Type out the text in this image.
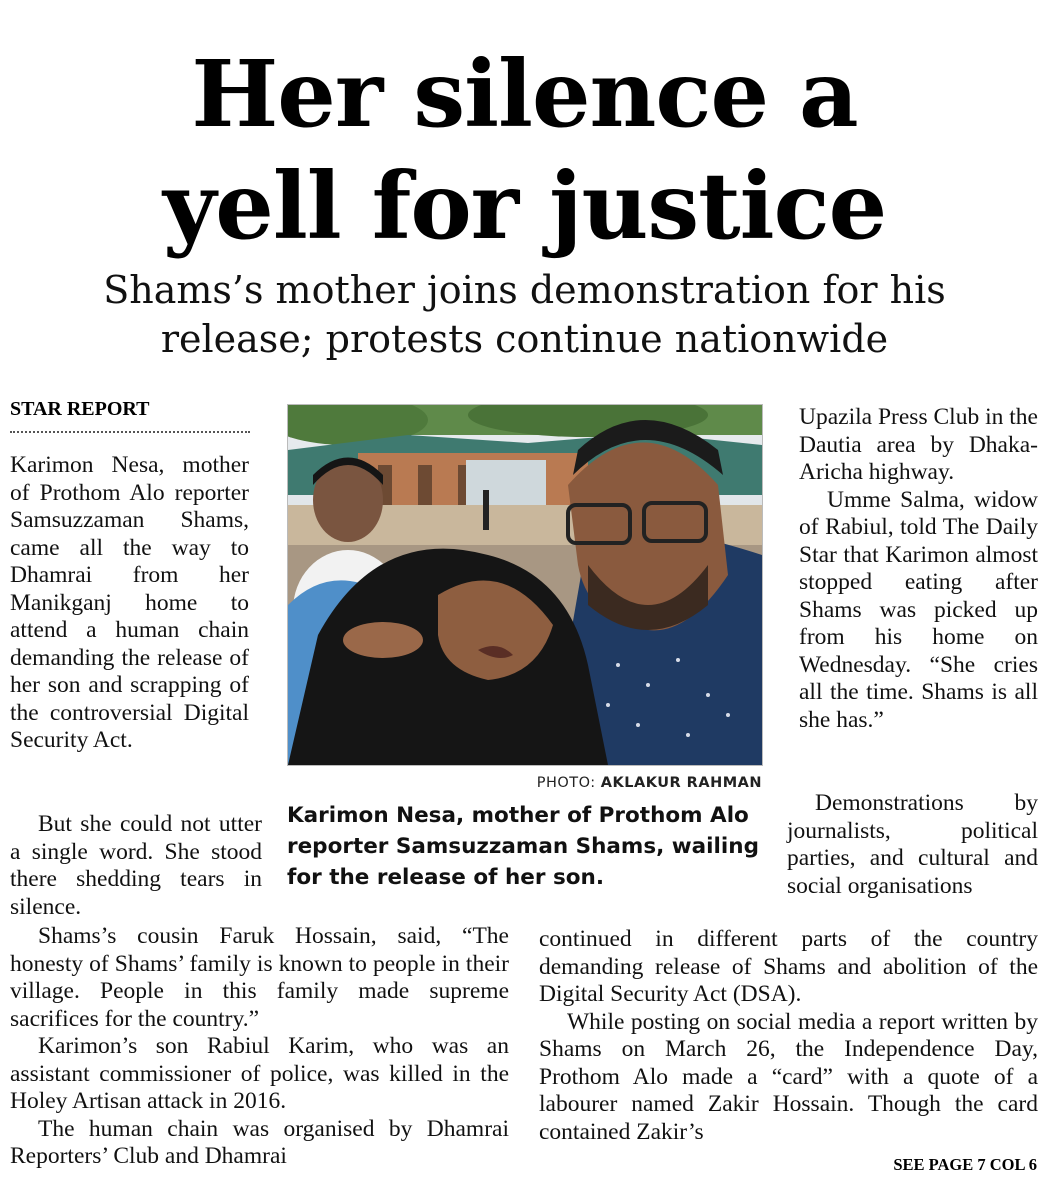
Her silence a
yell for justice
Shams’s mother joins demonstration for his
release; protests continue nationwide
STAR REPORT

Karimon Nesa, mother of Prothom Alo reporter Samsuzzaman Shams, came all the way to Dhamrai from her Manikganj home to attend a human chain demanding the release of her son and scrapping of the controversial Digital Security Act.

But she could not utter a single word. She stood there shedding tears in silence.

PHOTO: AKLAKUR RAHMAN
Karimon Nesa, mother of Prothom Alo reporter Samsuzzaman Shams, wailing for the release of her son.

Upazila Press Club in the Dautia area by Dhaka-Aricha highway.

Umme Salma, widow of Rabiul, told The Daily Star that Karimon almost stopped eating after Shams was picked up from his home on Wednesday. “She cries all the time. Shams is all she has.”

Demonstrations by journalists, political parties, and cultural and social organisations

Shams’s cousin Faruk Hossain, said, “The honesty of Shams’ family is known to people in their village. People in this family made supreme sacrifices for the country.”

Karimon’s son Rabiul Karim, who was an assistant commissioner of police, was killed in the Holey Artisan attack in 2016.

The human chain was organised by Dhamrai Reporters’ Club and Dhamrai

continued in different parts of the country demanding release of Shams and abolition of the Digital Security Act (DSA).

While posting on social media a report written by Shams on March 26, the Independence Day, Prothom Alo made a “card” with a quote of a labourer named Zakir Hossain. Though the card contained Zakir’s

SEE PAGE 7 COL 6
